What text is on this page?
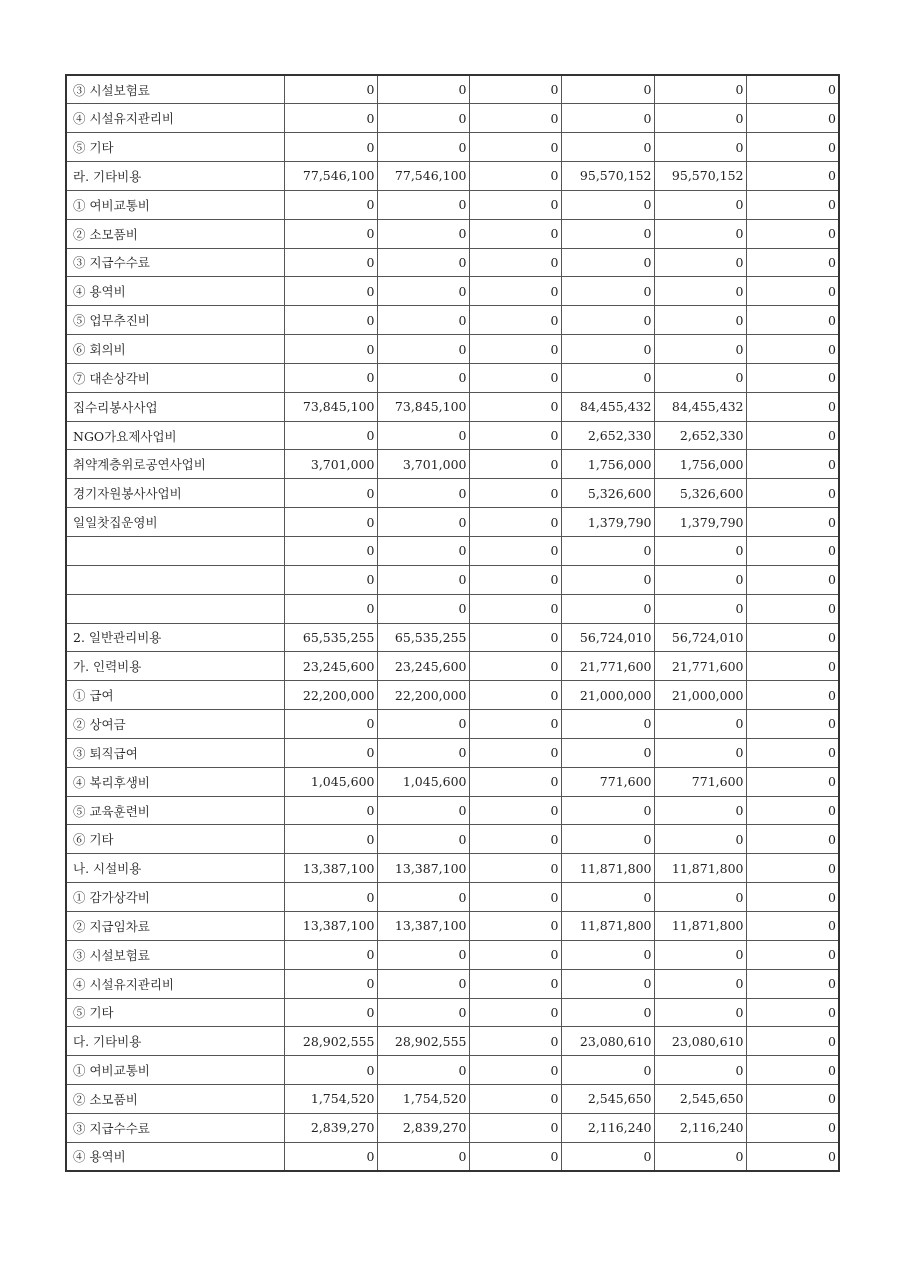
③ 시설보험료	0	0	0	0	0	0
④ 시설유지관리비	0	0	0	0	0	0
⑤ 기타	0	0	0	0	0	0
라. 기타비용	77,546,100	77,546,100	0	95,570,152	95,570,152	0
① 여비교통비	0	0	0	0	0	0
② 소모품비	0	0	0	0	0	0
③ 지급수수료	0	0	0	0	0	0
④ 용역비	0	0	0	0	0	0
⑤ 업무추진비	0	0	0	0	0	0
⑥ 회의비	0	0	0	0	0	0
⑦ 대손상각비	0	0	0	0	0	0
집수리봉사사업	73,845,100	73,845,100	0	84,455,432	84,455,432	0
NGO가요제사업비	0	0	0	2,652,330	2,652,330	0
취약계층위로공연사업비	3,701,000	3,701,000	0	1,756,000	1,756,000	0
경기자원봉사사업비	0	0	0	5,326,600	5,326,600	0
일일찻집운영비	0	0	0	1,379,790	1,379,790	0
	0	0	0	0	0	0
	0	0	0	0	0	0
	0	0	0	0	0	0
2. 일반관리비용	65,535,255	65,535,255	0	56,724,010	56,724,010	0
가. 인력비용	23,245,600	23,245,600	0	21,771,600	21,771,600	0
① 급여	22,200,000	22,200,000	0	21,000,000	21,000,000	0
② 상여금	0	0	0	0	0	0
③ 퇴직급여	0	0	0	0	0	0
④ 복리후생비	1,045,600	1,045,600	0	771,600	771,600	0
⑤ 교육훈련비	0	0	0	0	0	0
⑥ 기타	0	0	0	0	0	0
나. 시설비용	13,387,100	13,387,100	0	11,871,800	11,871,800	0
① 감가상각비	0	0	0	0	0	0
② 지급임차료	13,387,100	13,387,100	0	11,871,800	11,871,800	0
③ 시설보험료	0	0	0	0	0	0
④ 시설유지관리비	0	0	0	0	0	0
⑤ 기타	0	0	0	0	0	0
다. 기타비용	28,902,555	28,902,555	0	23,080,610	23,080,610	0
① 여비교통비	0	0	0	0	0	0
② 소모품비	1,754,520	1,754,520	0	2,545,650	2,545,650	0
③ 지급수수료	2,839,270	2,839,270	0	2,116,240	2,116,240	0
④ 용역비	0	0	0	0	0	0
